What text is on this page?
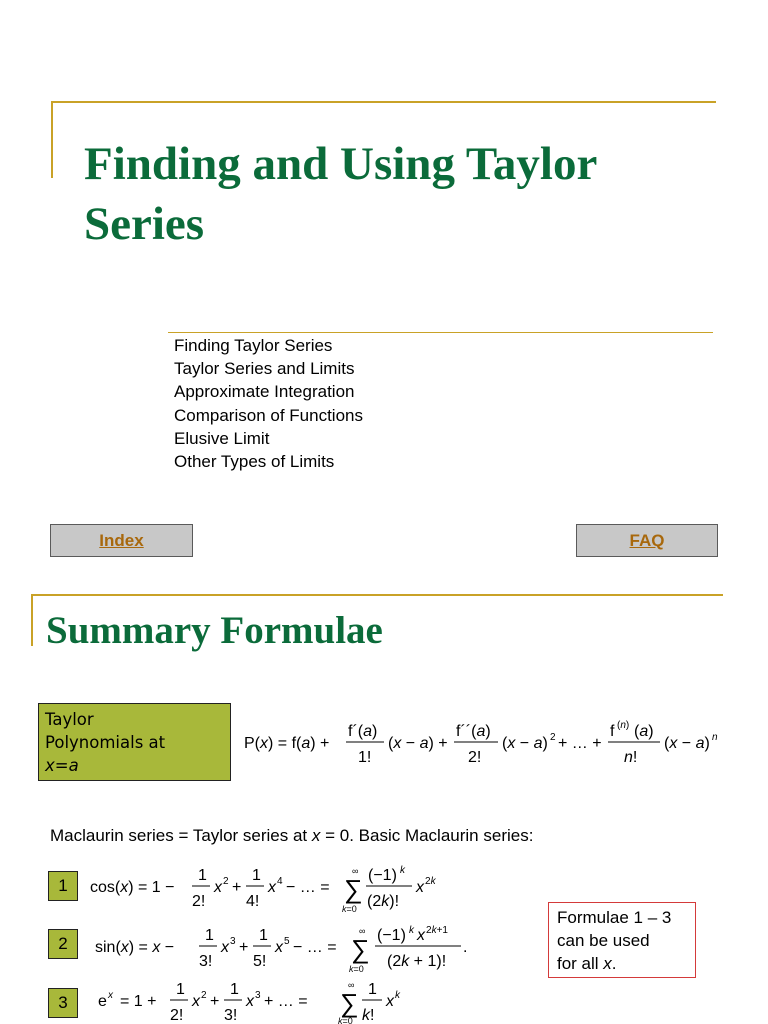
Finding and Using Taylor
Series
Finding Taylor Series
Taylor Series and Limits
Approximate Integration
Comparison of Functions
Elusive Limit
Other Types of Limits
Index	FAQ
Summary Formulae
Taylor
Polynomials at
x=a
P(x) = f(a) +
f´(a)
1!
(x − a) +
f´´(a)
2!
(x − a) 2 + … +
f (n) (a)
n!
(x − a) n

Maclaurin series = Taylor series at x = 0. Basic Maclaurin series:

1
2
3
cos(x) = 1 −
1
2!
x 2 +
1
4!
x 4 − … =
∞
∑
k=0
(−1) k
(2k)!
x 2k
sin(x) = x −
1
3!
x 3 +
1
5!
x 5 − … =
∞
∑
k=0
(−1) k x 2k+1
(2k + 1)!
.
e x = 1 +
1
2!
x 2 +
1
3!
x 3 + … =
∞
∑
k=0
1
k!
x k
Formulae 1 – 3
can be used
for all x.
